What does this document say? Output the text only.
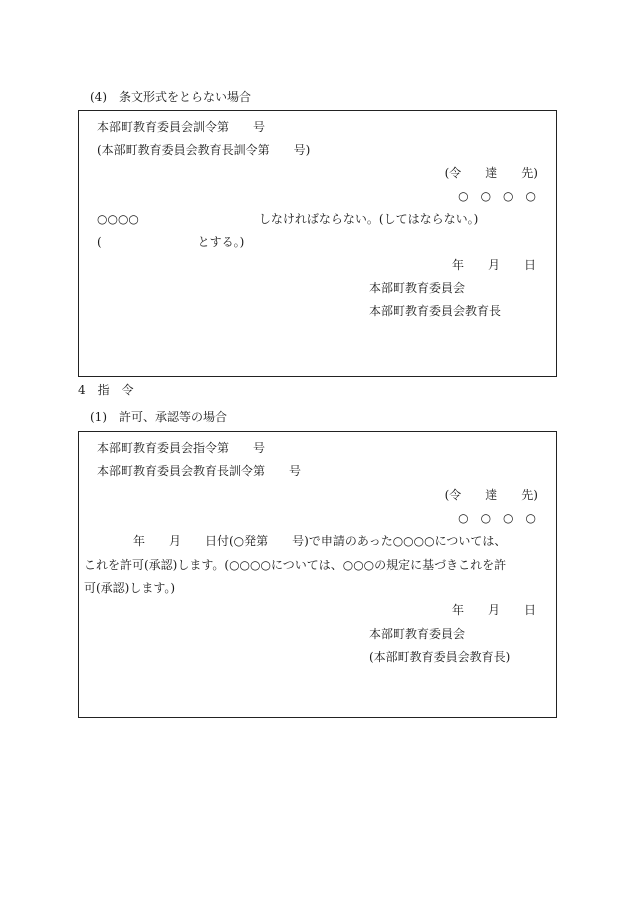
(4)　条文形式をとらない場合
本部町教育委員会訓令第　　号
(本部町教育委員会教育長訓令第　　号)
(令　　達　　先)
○　○　○　○
○○○○　　　　　　　　　　しなければならない。(してはならない。)
(　　　　　　　　とする。)
年　　月　　日
本部町教育委員会
本部町教育委員会教育長
4　指　令
(1)　許可、承認等の場合
本部町教育委員会指令第　　号
本部町教育委員会教育長訓令第　　号
(令　　達　　先)
○　○　○　○
年　　月　　日付(○発第　　号)で申請のあった○○○○については、
これを許可(承認)します。(○○○○については、○○○の規定に基づきこれを許
可(承認)します。)
年　　月　　日
本部町教育委員会
(本部町教育委員会教育長)
